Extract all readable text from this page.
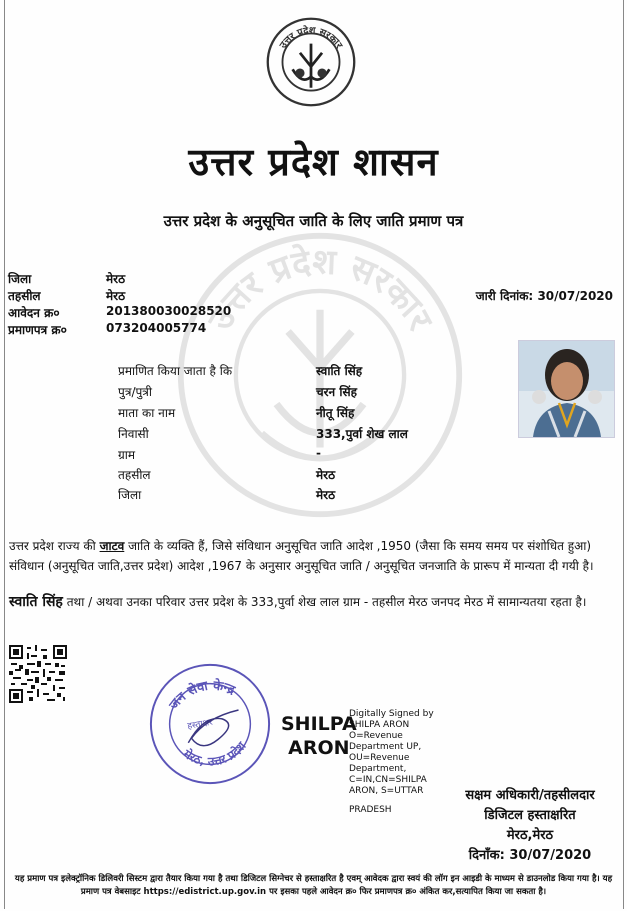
उत्तर प्रदेश सरकार
उत्तर प्रदेश सरकार
उत्तर प्रदेश शासन
उत्तर प्रदेश के अनुसूचित जाति के लिए जाति प्रमाण पत्र
जिला	मेरठ
तहसील	मेरठ
आवेदन क्र०	201380030028520
प्रमाणपत्र क्र०	073204005774
जारी दिनांक: 30/07/2020
प्रमाणित किया जाता है कि	स्वाति सिंह
पुत्र/पुत्री	चरन सिंह
माता का नाम	नीतू सिंह
निवासी	333,पुर्वा शेख लाल
ग्राम	-
तहसील	मेरठ
जिला	मेरठ
उत्तर प्रदेश राज्य की जाटव जाति के व्यक्ति हैं, जिसे संविधान अनुसूचित जाति आदेश ,1950 (जैसा कि समय समय पर संशोधित हुआ) संविधान (अनुसूचित जाति,उत्तर प्रदेश) आदेश ,1967 के अनुसार अनुसूचित जाति / अनुसूचित जनजाति के प्रारूप में मान्यता दी गयी है।
स्वाति सिंह तथा / अथवा उनका परिवार उत्तर प्रदेश के 333,पुर्वा शेख लाल ग्राम - तहसील मेरठ जनपद मेरठ में सामान्यतया रहता है।
जन सेवा केन्द्र
मेरठ, उत्तर प्रदेश
हस्ताक्षर	SHILPA
ARON
Digitally Signed by SHILPA ARON O=Revenue Department UP, OU=Revenue Department, C=IN,CN=SHILPA ARON, S=UTTAR
PRADESH
सक्षम अधिकारी/तहसीलदार
डिजिटल हस्ताक्षरित
मेरठ,मेरठ
दिनाँक: 30/07/2020
यह प्रमाण पत्र इलेक्ट्रॉनिक डिलिवरी सिस्टम द्वारा तैयार किया गया है तथा डिजिटल सिग्नेचर से हस्ताक्षरित है एवम् आवेदक द्वारा स्वयं की लॉग इन आइडी के माध्यम से डाउनलोड किया गया है। यह प्रमाण पत्र वेबसाइट https://edistrict.up.gov.in पर इसका पहले आवेदन क्र० फिर प्रमाणपत्र क्र० अंकित कर,सत्यापित किया जा सकता है।
